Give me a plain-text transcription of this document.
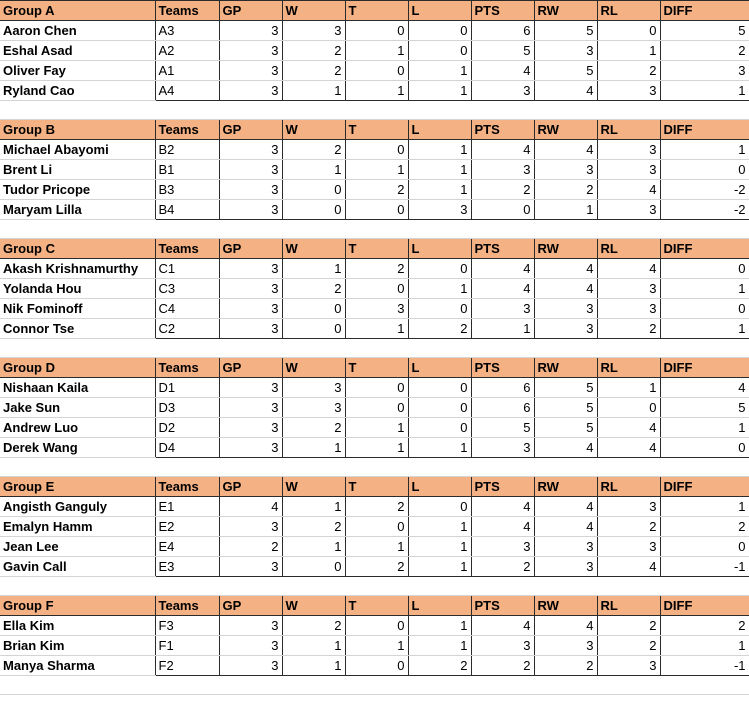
Group A	Teams	GP	W	T	L	PTS	RW	RL	DIFF
Aaron Chen	A3	3	3	0	0	6	5	0	5
Eshal Asad	A2	3	2	1	0	5	3	1	2
Oliver Fay	A1	3	2	0	1	4	5	2	3
Ryland Cao	A4	3	1	1	1	3	4	3	1

Group B	Teams	GP	W	T	L	PTS	RW	RL	DIFF
Michael Abayomi	B2	3	2	0	1	4	4	3	1
Brent Li	B1	3	1	1	1	3	3	3	0
Tudor Pricope	B3	3	0	2	1	2	2	4	-2
Maryam Lilla	B4	3	0	0	3	0	1	3	-2

Group C	Teams	GP	W	T	L	PTS	RW	RL	DIFF
Akash Krishnamurthy	C1	3	1	2	0	4	4	4	0
Yolanda Hou	C3	3	2	0	1	4	4	3	1
Nik Fominoff	C4	3	0	3	0	3	3	3	0
Connor Tse	C2	3	0	1	2	1	3	2	1

Group D	Teams	GP	W	T	L	PTS	RW	RL	DIFF
Nishaan Kaila	D1	3	3	0	0	6	5	1	4
Jake Sun	D3	3	3	0	0	6	5	0	5
Andrew Luo	D2	3	2	1	0	5	5	4	1
Derek Wang	D4	3	1	1	1	3	4	4	0

Group E	Teams	GP	W	T	L	PTS	RW	RL	DIFF
Angisth Ganguly	E1	4	1	2	0	4	4	3	1
Emalyn Hamm	E2	3	2	0	1	4	4	2	2
Jean Lee	E4	2	1	1	1	3	3	3	0
Gavin Call	E3	3	0	2	1	2	3	4	-1

Group F	Teams	GP	W	T	L	PTS	RW	RL	DIFF
Ella Kim	F3	3	2	0	1	4	4	2	2
Brian Kim	F1	3	1	1	1	3	3	2	1
Manya Sharma	F2	3	1	0	2	2	2	3	-1
